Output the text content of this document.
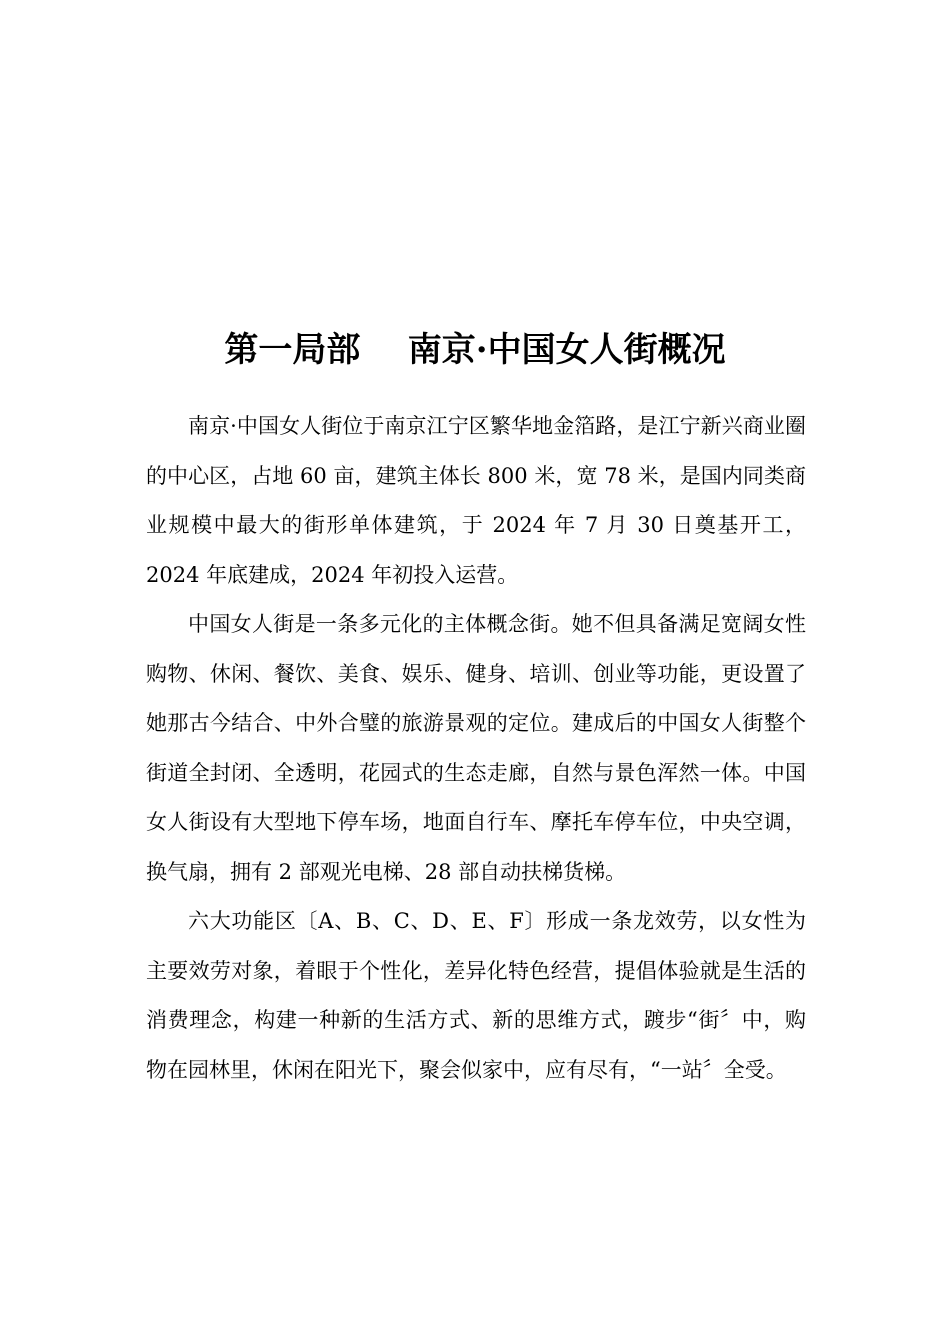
第一局部    南京·中国女人街概况

南京·中国女人街位于南京江宁区繁华地金箔路，是江宁新兴商业圈的中心区，占地 60 亩，建筑主体长 800 米，宽 78 米，是国内同类商业规模中最大的街形单体建筑，于 2024 年 7 月 30 日奠基开工，2024 年底建成，2024 年初投入运营。

中国女人街是一条多元化的主体概念街。她不但具备满足宽阔女性购物、休闲、餐饮、美食、娱乐、健身、培训、创业等功能，更设置了她那古今结合、中外合璧的旅游景观的定位。建成后的中国女人街整个街道全封闭、全透明，花园式的生态走廊，自然与景色浑然一体。中国女人街设有大型地下停车场，地面自行车、摩托车停车位，中央空调，换气扇，拥有 2 部观光电梯、28 部自动扶梯货梯。

六大功能区〔A、B、C、D、E、F〕形成一条龙效劳，以女性为主要效劳对象，着眼于个性化，差异化特色经营，提倡体验就是生活的消费理念，构建一种新的生活方式、新的思维方式，踱步“街〞中，购物在园林里，休闲在阳光下，聚会似家中，应有尽有，“一站〞全受。
